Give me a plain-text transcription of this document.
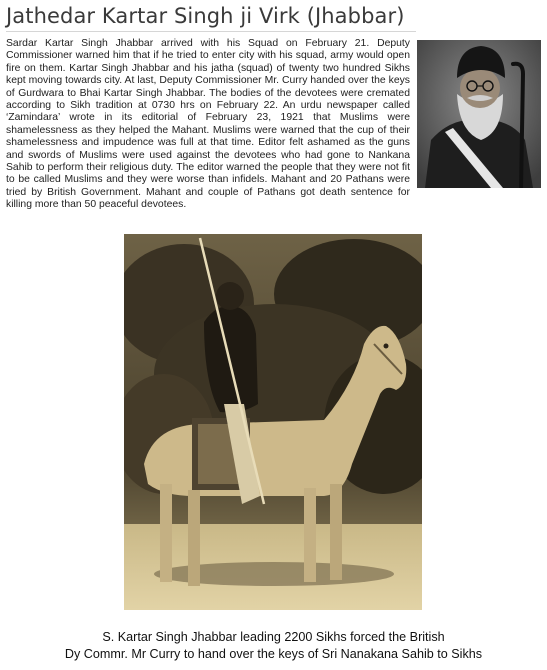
Jathedar Kartar Singh ji Virk (Jhabbar)
Sardar Kartar Singh Jhabbar arrived with his Squad on February 21. Deputy Commissioner warned him that if he tried to enter city with his squad, army would open fire on them. Kartar Singh Jhabbar and his jatha (squad) of twenty two hundred Sikhs kept moving towards city. At last, Deputy Commissioner Mr. Curry handed over the keys of Gurdwara to Bhai Kartar Singh Jhabbar. The bodies of the devotees were cremated according to Sikh tradition at 0730 hrs on February 22. An urdu newspaper called ‘Zamindara’ wrote in its editorial of February 23, 1921 that Muslims were shamelessness as they helped the Mahant. Muslims were warned that the cup of their shamelessness and impudence was full at that time. Editor felt ashamed as the guns and swords of Muslims were used against the devotees who had gone to Nankana Sahib to perform their religious duty. The editor warned the people that they were not fit to be called Muslims and they were worse than infidels. Mahant and 20 Pathans were tried by British Government. Mahant and couple of Pathans got death sentence for killing more than 50 peaceful devotees.
S. Kartar Singh Jhabbar leading 2200 Sikhs forced the British
Dy Commr. Mr Curry to hand over the keys of Sri Nanakana Sahib to Sikhs
